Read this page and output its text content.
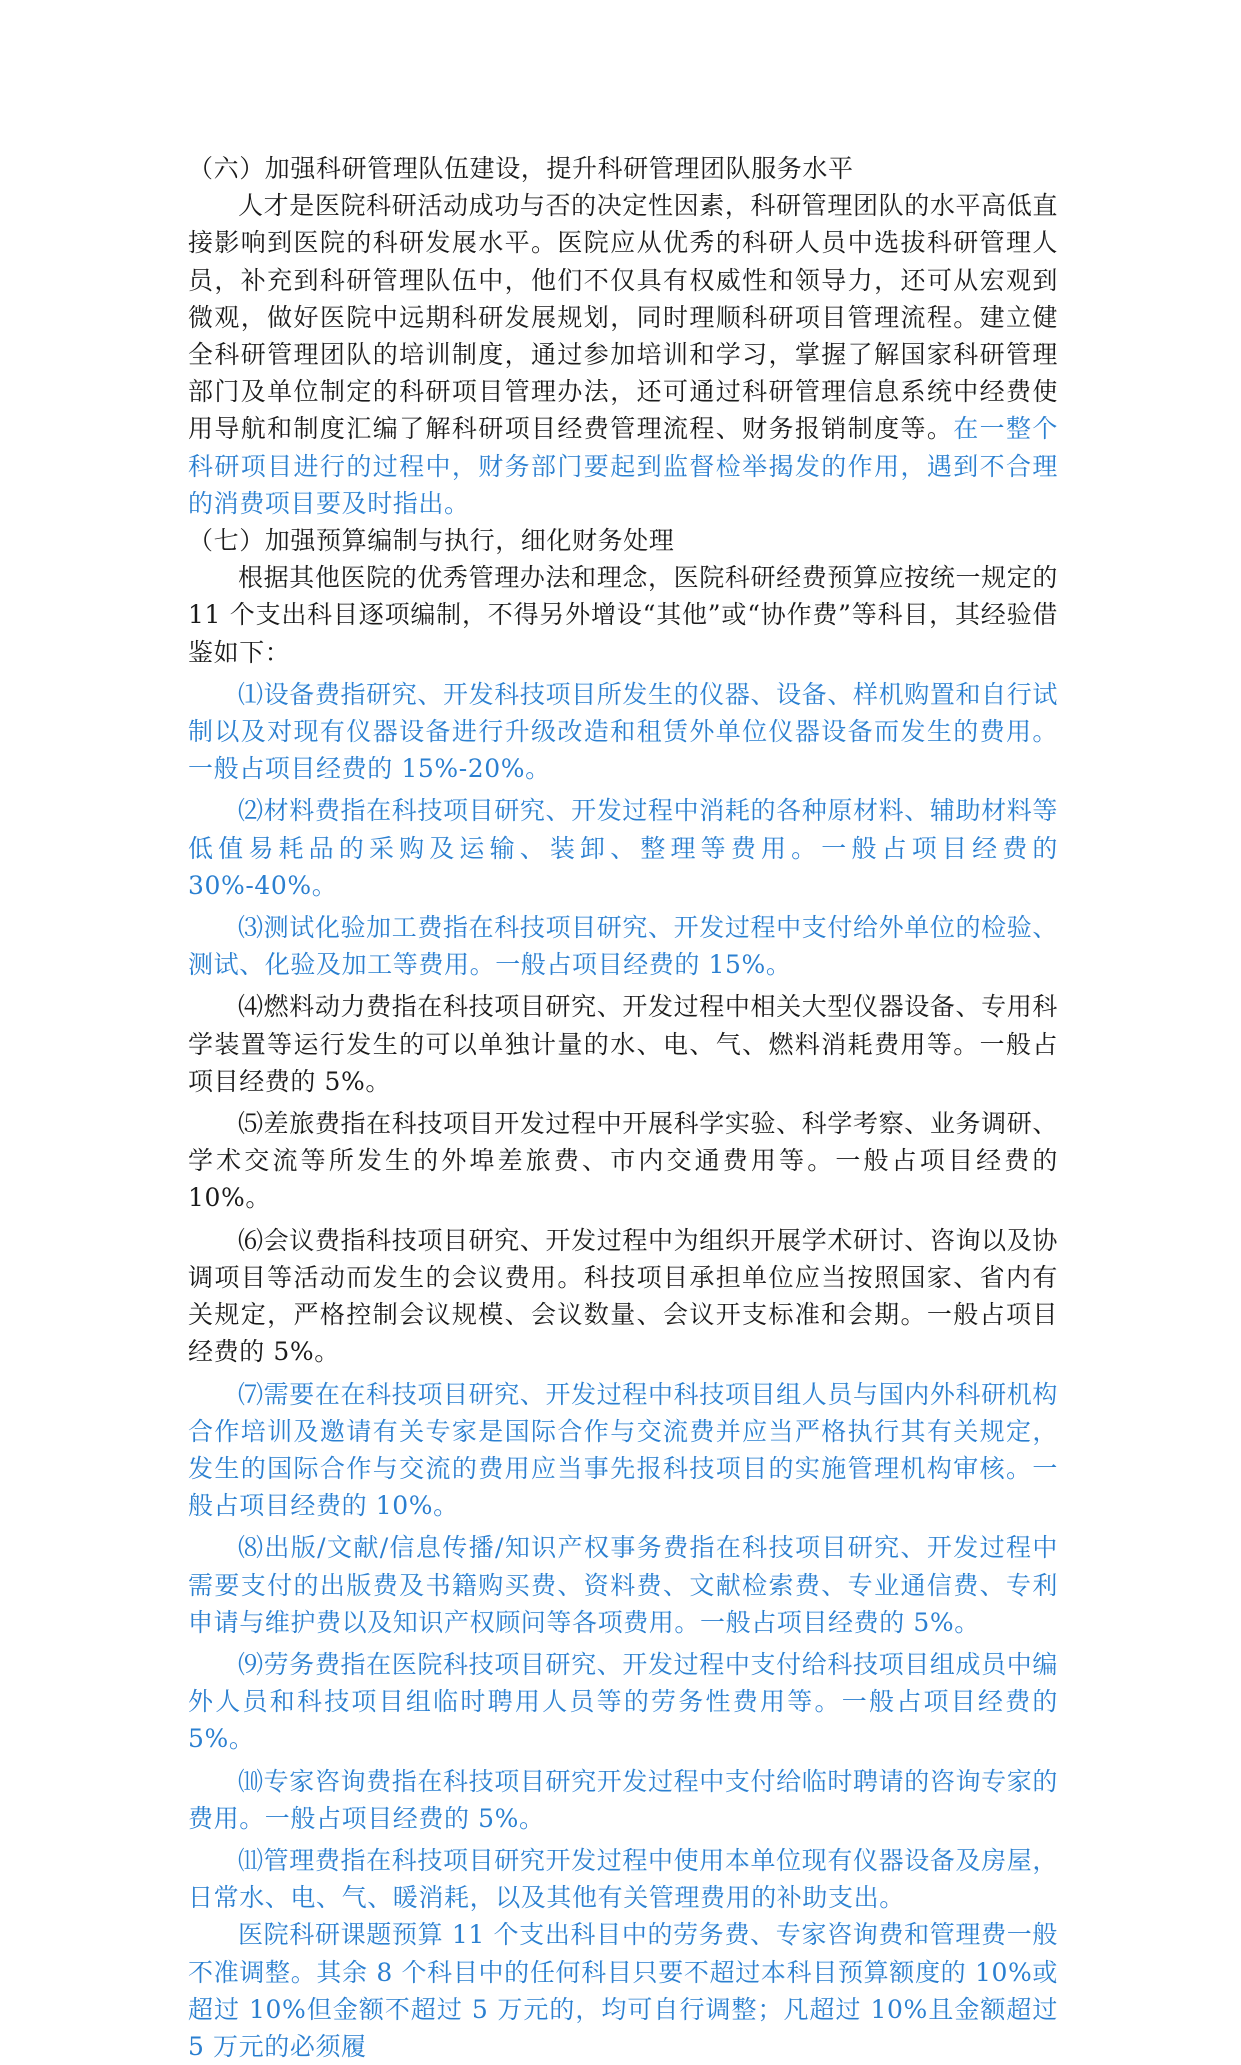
（六）加强科研管理队伍建设，提升科研管理团队服务水平

人才是医院科研活动成功与否的决定性因素，科研管理团队的水平高低直接影响到医院的科研发展水平。医院应从优秀的科研人员中选拔科研管理人员，补充到科研管理队伍中，他们不仅具有权威性和领导力，还可从宏观到微观，做好医院中远期科研发展规划，同时理顺科研项目管理流程。建立健全科研管理团队的培训制度，通过参加培训和学习，掌握了解国家科研管理部门及单位制定的科研项目管理办法，还可通过科研管理信息系统中经费使用导航和制度汇编了解科研项目经费管理流程、财务报销制度等。在一整个科研项目进行的过程中，财务部门要起到监督检举揭发的作用，遇到不合理的消费项目要及时指出。

（七）加强预算编制与执行，细化财务处理

根据其他医院的优秀管理办法和理念，医院科研经费预算应按统一规定的 11 个支出科目逐项编制，不得另外增设“其他”或“协作费”等科目，其经验借鉴如下：

⑴设备费指研究、开发科技项目所发生的仪器、设备、样机购置和自行试制以及对现有仪器设备进行升级改造和租赁外单位仪器设备而发生的费用。一般占项目经费的 15%-20%。

⑵材料费指在科技项目研究、开发过程中消耗的各种原材料、辅助材料等低值易耗品的采购及运输、装卸、整理等费用。一般占项目经费的 30%-40%。

⑶测试化验加工费指在科技项目研究、开发过程中支付给外单位的检验、测试、化验及加工等费用。一般占项目经费的 15%。

⑷燃料动力费指在科技项目研究、开发过程中相关大型仪器设备、专用科学装置等运行发生的可以单独计量的水、电、气、燃料消耗费用等。一般占项目经费的 5%。

⑸差旅费指在科技项目开发过程中开展科学实验、科学考察、业务调研、学术交流等所发生的外埠差旅费、市内交通费用等。一般占项目经费的 10%。

⑹会议费指科技项目研究、开发过程中为组织开展学术研讨、咨询以及协调项目等活动而发生的会议费用。科技项目承担单位应当按照国家、省内有关规定，严格控制会议规模、会议数量、会议开支标准和会期。一般占项目经费的 5%。

⑺需要在在科技项目研究、开发过程中科技项目组人员与国内外科研机构合作培训及邀请有关专家是国际合作与交流费并应当严格执行其有关规定，发生的国际合作与交流的费用应当事先报科技项目的实施管理机构审核。一般占项目经费的 10%。

⑻出版/文献/信息传播/知识产权事务费指在科技项目研究、开发过程中需要支付的出版费及书籍购买费、资料费、文献检索费、专业通信费、专利申请与维护费以及知识产权顾问等各项费用。一般占项目经费的 5%。

⑼劳务费指在医院科技项目研究、开发过程中支付给科技项目组成员中编外人员和科技项目组临时聘用人员等的劳务性费用等。一般占项目经费的 5%。

⑽专家咨询费指在科技项目研究开发过程中支付给临时聘请的咨询专家的费用。一般占项目经费的 5%。

⑾管理费指在科技项目研究开发过程中使用本单位现有仪器设备及房屋，日常水、电、气、暖消耗，以及其他有关管理费用的补助支出。

医院科研课题预算 11 个支出科目中的劳务费、专家咨询费和管理费一般不准调整。其余 8 个科目中的任何科目只要不超过本科目预算额度的 10%或超过 10%但金额不超过 5 万元的，均可自行调整；凡超过 10%且金额超过 5 万元的必须履
